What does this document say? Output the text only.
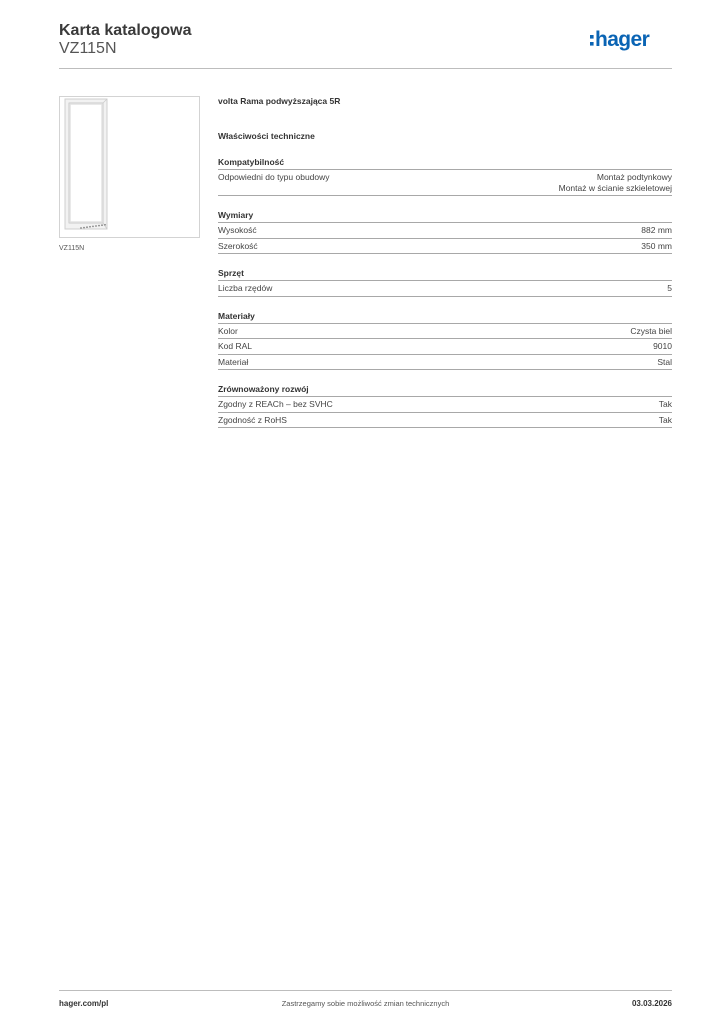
Karta katalogowa
VZ115N	hager
VZ115N
volta Rama podwyższająca 5R
Właściwości techniczne
Kompatybilność
Odpowiedni do typu obudowy	Montaż podtynkowy
Montaż w ścianie szkieletowej
Wymiary
Wysokość	882 mm
Szerokość	350 mm
Sprzęt
Liczba rzędów	5
Materiały
Kolor	Czysta biel
Kod RAL	9010
Materiał	Stal
Zrównoważony rozwój
Zgodny z REACh – bez SVHC	Tak
Zgodność z RoHS	Tak
hager.com/pl	Zastrzegamy sobie możliwość zmian technicznych	03.03.2026
